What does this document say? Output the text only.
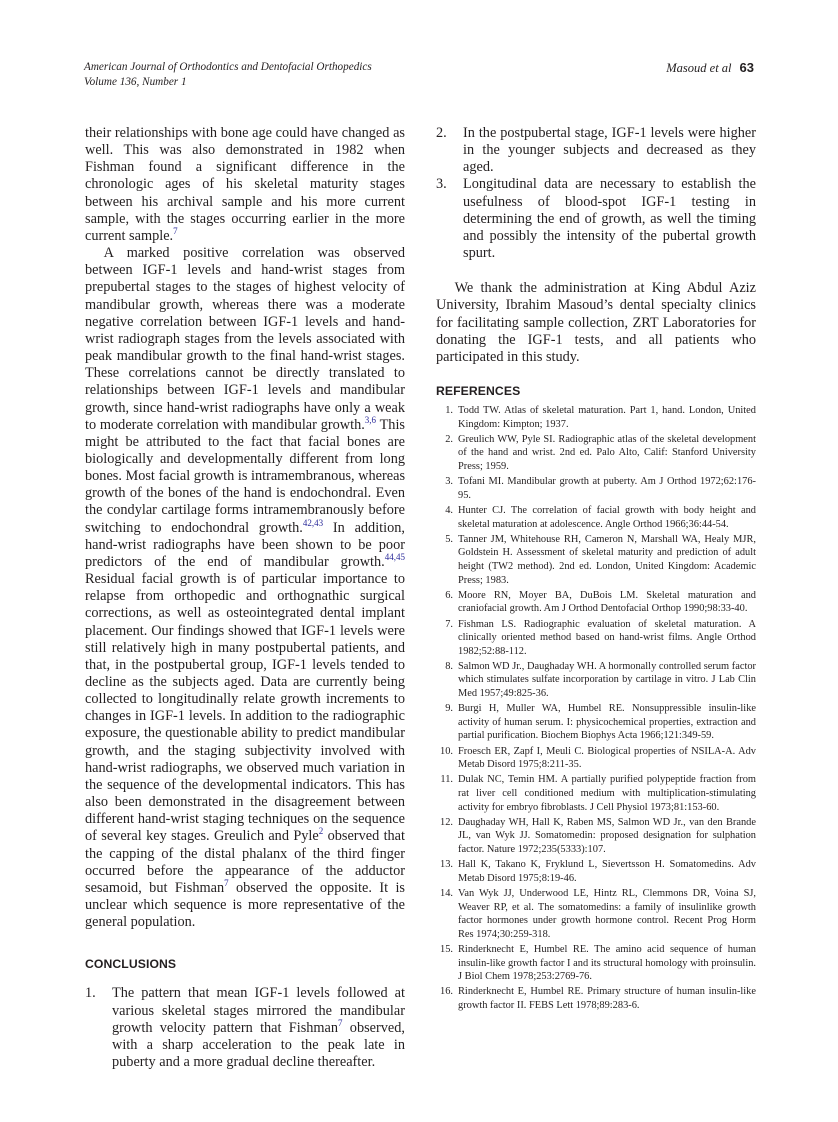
American Journal of Orthodontics and Dentofacial Orthopedics
Volume 136, Number 1
Masoud et al 63

their relationships with bone age could have changed as well. This was also demonstrated in 1982 when Fishman found a significant difference in the chronologic ages of his skeletal maturity stages between his archival sample and his more current sample, with the stages occurring earlier in the more current sample.$^7$

A marked positive correlation was observed between IGF-1 levels and hand-wrist stages from prepubertal stages to the stages of highest velocity of mandibular growth, whereas there was a moderate negative correlation between IGF-1 levels and hand-wrist radiograph stages from the levels associated with peak mandibular growth to the final hand-wrist stages. These correlations cannot be directly translated to relationships between IGF-1 levels and mandibular growth, since hand-wrist radiographs have only a weak to moderate correlation with mandibular growth.$^{3,6}$ This might be attributed to the fact that facial bones are biologically and developmentally different from long bones. Most facial growth is intramembranous, whereas growth of the bones of the hand is endochondral. Even the condylar cartilage forms intramembranously before switching to endochondral growth.$^{42,43}$ In addition, hand-wrist radiographs have been shown to be poor predictors of the end of mandibular growth.$^{44,45}$ Residual facial growth is of particular importance to relapse from orthopedic and orthognathic surgical corrections, as well as osteointegrated dental implant placement. Our findings showed that IGF-1 levels were still relatively high in many postpubertal patients, and that, in the postpubertal group, IGF-1 levels tended to decline as the subjects aged. Data are currently being collected to longitudinally relate growth increments to changes in IGF-1 levels. In addition to the radiographic exposure, the questionable ability to predict mandibular growth, and the staging subjectivity involved with hand-wrist radiographs, we observed much variation in the sequence of the developmental indicators. This has also been demonstrated in the disagreement between different hand-wrist staging techniques on the sequence of several key stages. Greulich and Pyle$^2$ observed that the capping of the distal phalanx of the third finger occurred before the appearance of the adductor sesamoid, but Fishman$^7$ observed the opposite. It is unclear which sequence is more representative of the general population.

CONCLUSIONS
1. The pattern that mean IGF-1 levels followed at various skeletal stages mirrored the mandibular growth velocity pattern that Fishman$^7$ observed, with a sharp acceleration to the peak late in puberty and a more gradual decline thereafter.
2. In the postpubertal stage, IGF-1 levels were higher in the younger subjects and decreased as they aged.
3. Longitudinal data are necessary to establish the usefulness of blood-spot IGF-1 testing in determining the end of growth, as well the timing and possibly the intensity of the pubertal growth spurt.

We thank the administration at King Abdul Aziz University, Ibrahim Masoud’s dental specialty clinics for facilitating sample collection, ZRT Laboratories for donating the IGF-1 tests, and all patients who participated in this study.

REFERENCES
1. Todd TW. Atlas of skeletal maturation. Part 1, hand. London, United Kingdom: Kimpton; 1937.
2. Greulich WW, Pyle SI. Radiographic atlas of the skeletal development of the hand and wrist. 2nd ed. Palo Alto, Calif: Stanford University Press; 1959.
3. Tofani MI. Mandibular growth at puberty. Am J Orthod 1972;62:176-95.
4. Hunter CJ. The correlation of facial growth with body height and skeletal maturation at adolescence. Angle Orthod 1966;36:44-54.
5. Tanner JM, Whitehouse RH, Cameron N, Marshall WA, Healy MJR, Goldstein H. Assessment of skeletal maturity and prediction of adult height (TW2 method). 2nd ed. London, United Kingdom: Academic Press; 1983.
6. Moore RN, Moyer BA, DuBois LM. Skeletal maturation and craniofacial growth. Am J Orthod Dentofacial Orthop 1990;98:33-40.
7. Fishman LS. Radiographic evaluation of skeletal maturation. A clinically oriented method based on hand-wrist films. Angle Orthod 1982;52:88-112.
8. Salmon WD Jr., Daughaday WH. A hormonally controlled serum factor which stimulates sulfate incorporation by cartilage in vitro. J Lab Clin Med 1957;49:825-36.
9. Burgi H, Muller WA, Humbel RE. Nonsuppressible insulin-like activity of human serum. I: physicochemical properties, extraction and partial purification. Biochem Biophys Acta 1966;121:349-59.
10. Froesch ER, Zapf I, Meuli C. Biological properties of NSILA-A. Adv Metab Disord 1975;8:211-35.
11. Dulak NC, Temin HM. A partially purified polypeptide fraction from rat liver cell conditioned medium with multiplication-stimulating activity for embryo fibroblasts. J Cell Physiol 1973;81:153-60.
12. Daughaday WH, Hall K, Raben MS, Salmon WD Jr., van den Brande JL, van Wyk JJ. Somatomedin: proposed designation for sulphation factor. Nature 1972;235(5333):107.
13. Hall K, Takano K, Fryklund L, Sievertsson H. Somatomedins. Adv Metab Disord 1975;8:19-46.
14. Van Wyk JJ, Underwood LE, Hintz RL, Clemmons DR, Voina SJ, Weaver RP, et al. The somatomedins: a family of insulinlike growth factor hormones under growth hormone control. Recent Prog Horm Res 1974;30:259-318.
15. Rinderknecht E, Humbel RE. The amino acid sequence of human insulin-like growth factor I and its structural homology with proinsulin. J Biol Chem 1978;253:2769-76.
16. Rinderknecht E, Humbel RE. Primary structure of human insulin-like growth factor II. FEBS Lett 1978;89:283-6.
